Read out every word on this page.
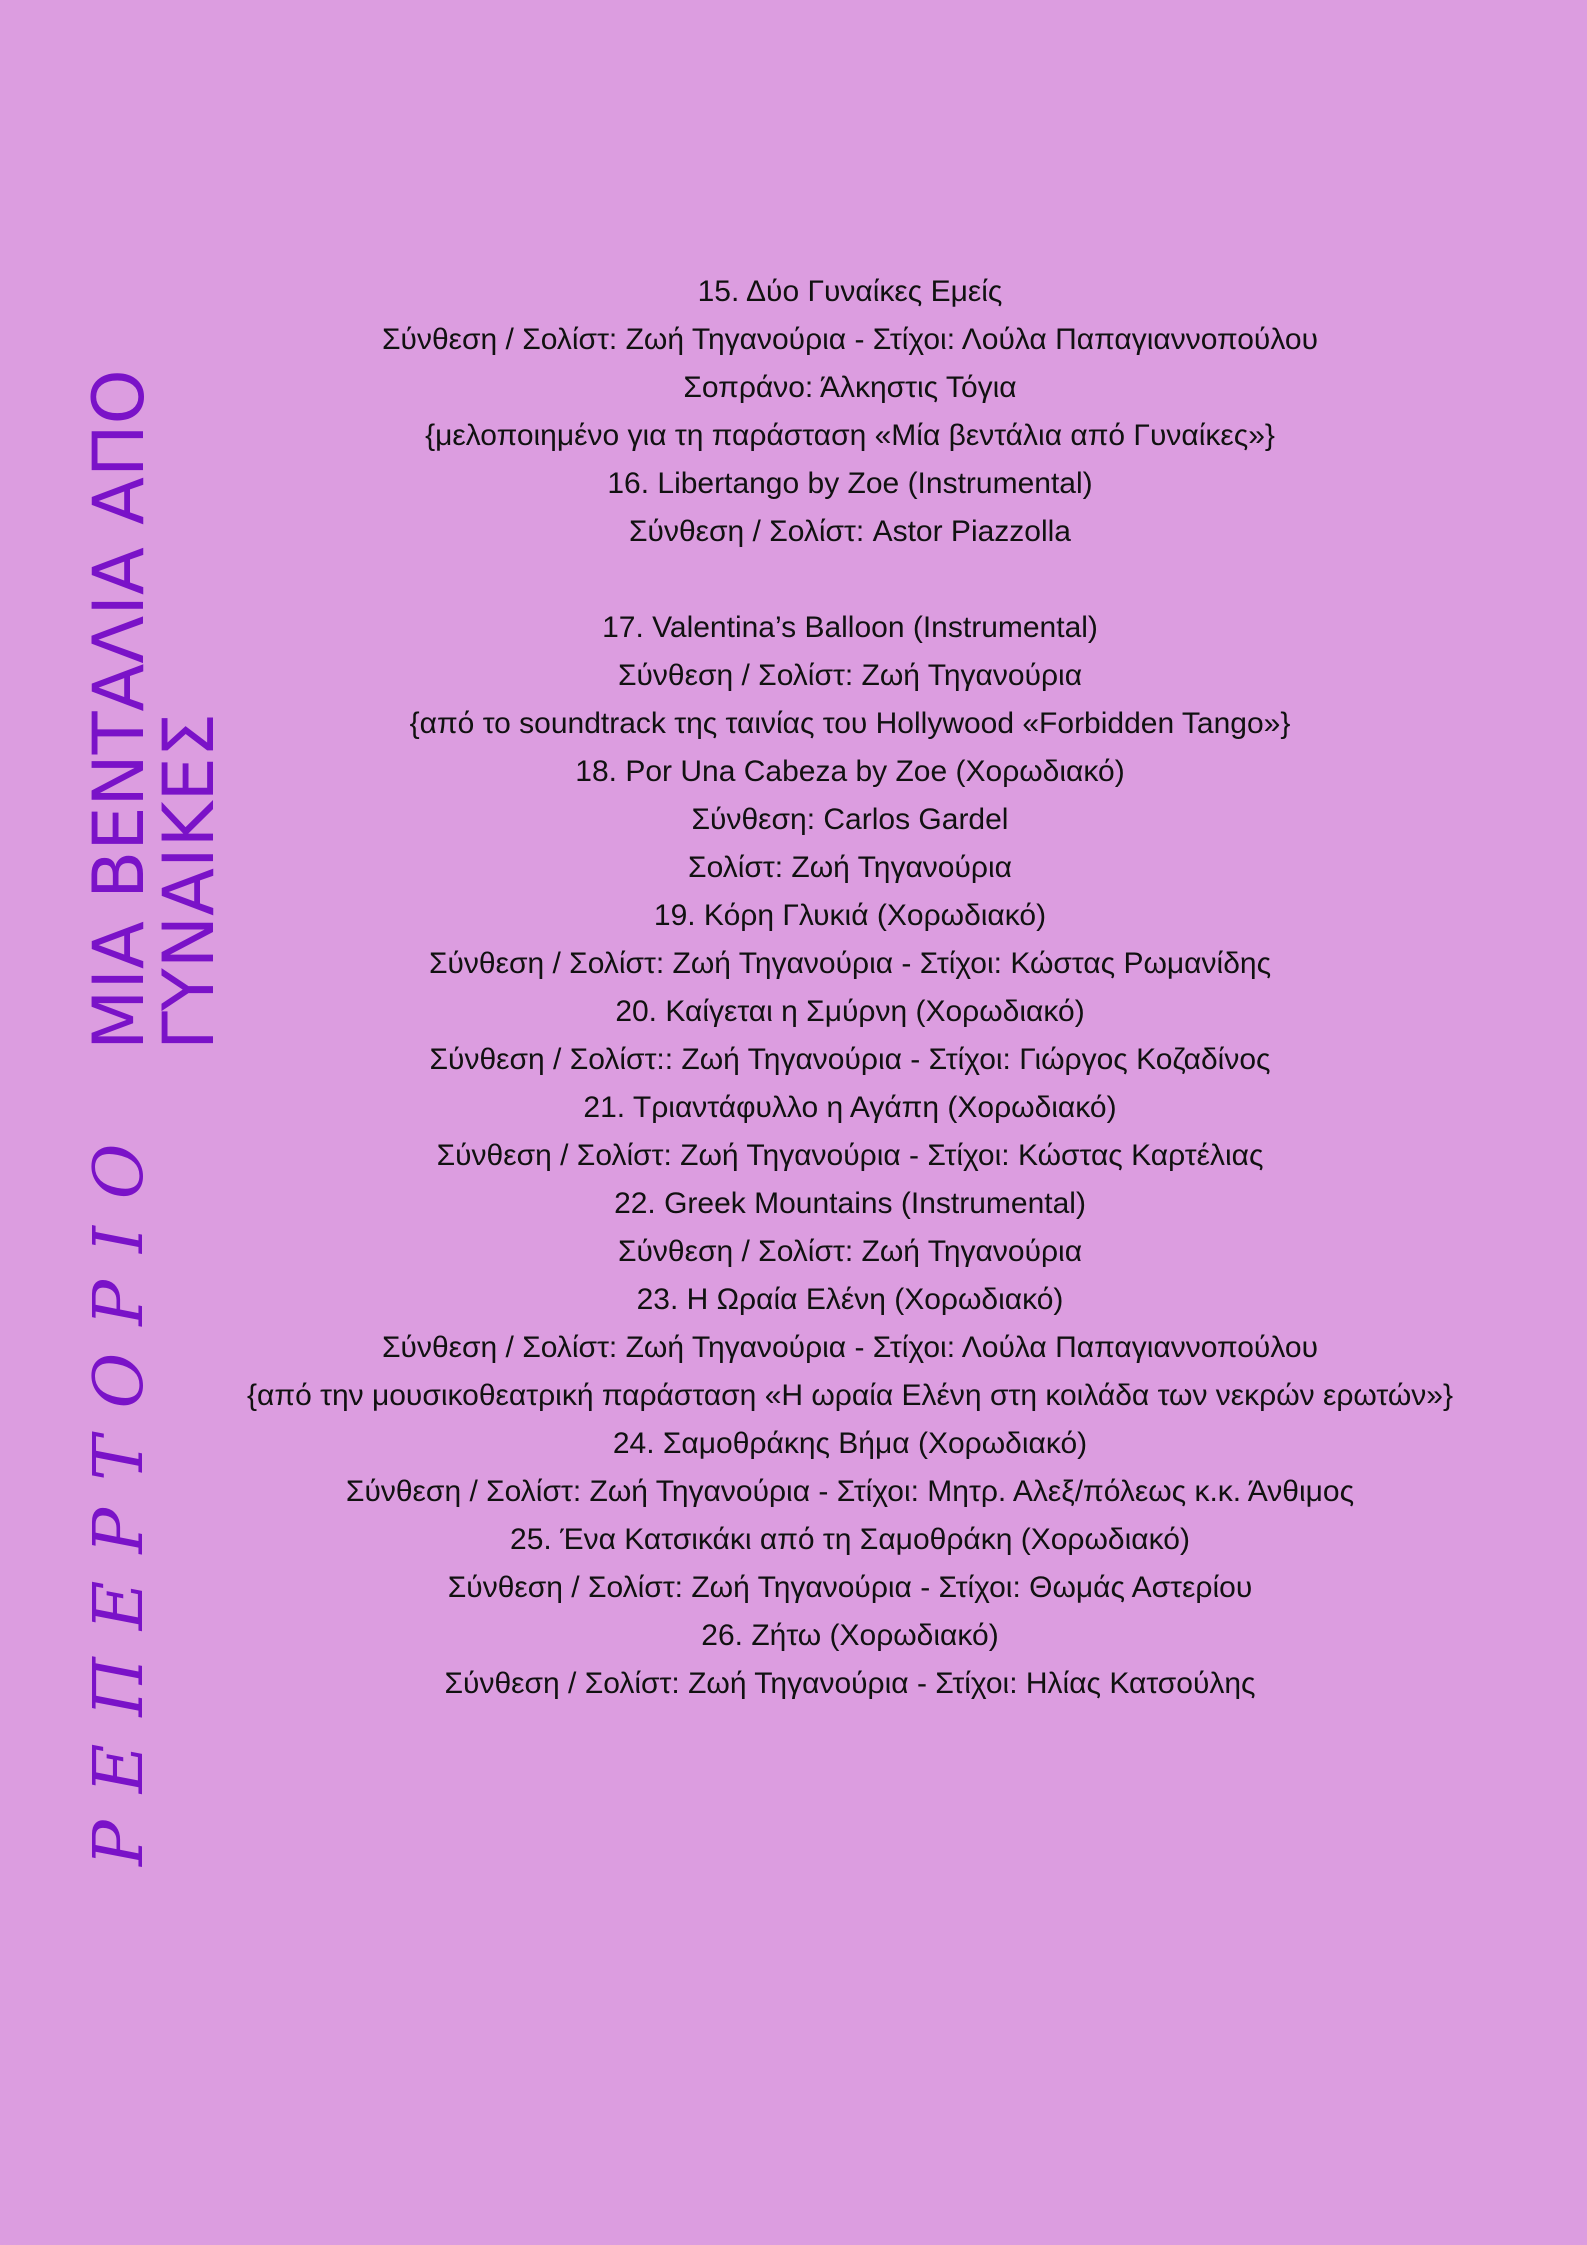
ΜΙΑ ΒΕΝΤΑΛΙΑ ΑΠΟ
ΓΥΝΑΙΚΕΣ
ΡΕΠΕΡΤΟΡΙΟ
15. Δύο Γυναίκες Εμείς
Σύνθεση / Σολίστ: Ζωή Τηγανούρια - Στίχοι: Λούλα Παπαγιαννοπούλου
Σοπράνο: Άλκηστις Τόγια
{μελοποιημένο για τη παράσταση «Μία βεντάλια από Γυναίκες»}
16. Libertango by Zoe (Instrumental)
Σύνθεση / Σολίστ: Astor Piazzolla
17. Valentina’s Balloon (Instrumental)
Σύνθεση / Σολίστ: Ζωή Τηγανούρια
{από το soundtrack της ταινίας του Hollywood «Forbidden Tango»}
18. Por Una Cabeza by Zoe (Χορωδιακό)
Σύνθεση: Carlos Gardel
Σολίστ: Ζωή Τηγανούρια
19. Κόρη Γλυκιά (Χορωδιακό)
Σύνθεση / Σολίστ: Ζωή Τηγανούρια - Στίχοι: Κώστας Ρωμανίδης
20. Καίγεται η Σμύρνη (Χορωδιακό)
Σύνθεση / Σολίστ:: Ζωή Τηγανούρια - Στίχοι: Γιώργος Κοζαδίνος
21. Τριαντάφυλλο η Αγάπη (Χορωδιακό)
Σύνθεση / Σολίστ: Ζωή Τηγανούρια - Στίχοι: Κώστας Καρτέλιας
22. Greek Mountains (Instrumental)
Σύνθεση / Σολίστ: Ζωή Τηγανούρια
23. Η Ωραία Ελένη (Χορωδιακό)
Σύνθεση / Σολίστ: Ζωή Τηγανούρια - Στίχοι: Λούλα Παπαγιαννοπούλου
{από την μουσικοθεατρική παράσταση «Η ωραία Ελένη στη κοιλάδα των νεκρών ερωτών»}
24. Σαμοθράκης Βήμα (Χορωδιακό)
Σύνθεση / Σολίστ: Ζωή Τηγανούρια - Στίχοι: Μητρ. Αλεξ/πόλεως κ.κ. Άνθιμος
25. Ένα Κατσικάκι από τη Σαμοθράκη (Χορωδιακό)
Σύνθεση / Σολίστ: Ζωή Τηγανούρια - Στίχοι: Θωμάς Αστερίου
26. Ζήτω (Χορωδιακό)
Σύνθεση / Σολίστ: Ζωή Τηγανούρια - Στίχοι: Ηλίας Κατσούλης
